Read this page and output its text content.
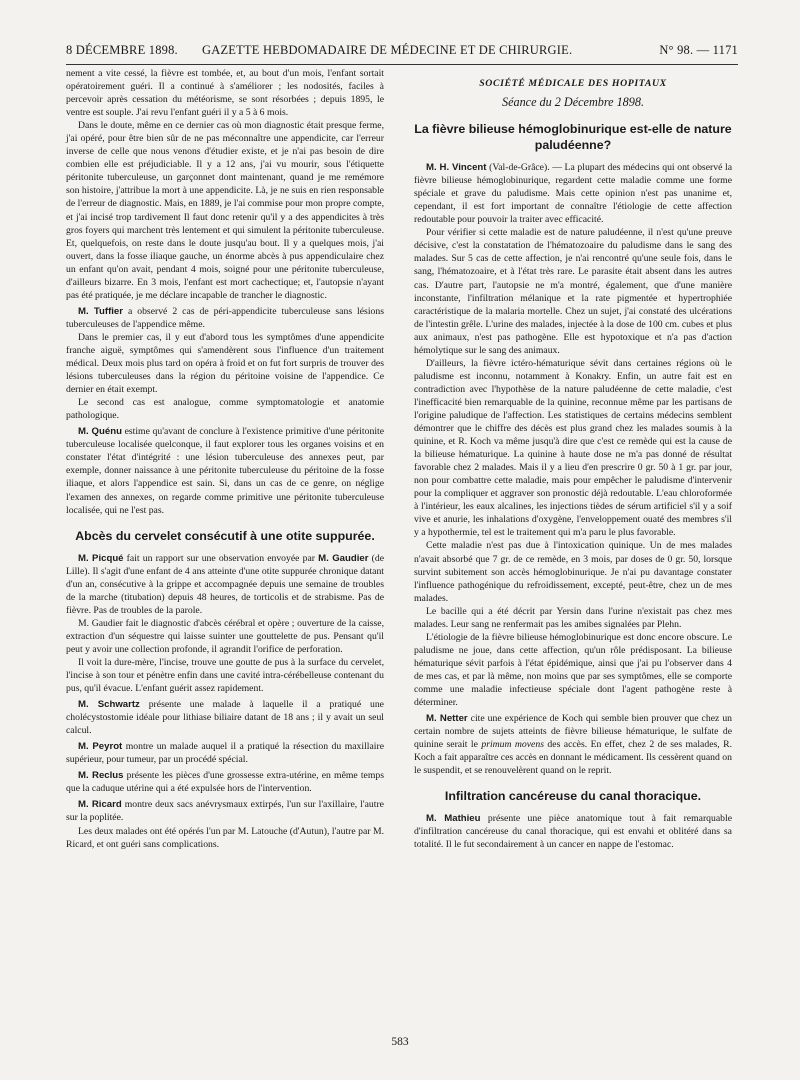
8 DÉCEMBRE 1898. GAZETTE HEBDOMADAIRE DE MÉDECINE ET DE CHIRURGIE.	N° 98. — 1171

nement a vite cessé, la fièvre est tombée, et, au bout d'un mois, l'enfant sortait opératoirement guéri. Il a continué à s'améliorer ; les nodosités, faciles à percevoir après cessation du météorisme, se sont résorbées ; depuis 1895, le ventre est souple. J'ai revu l'enfant guéri il y a 5 à 6 mois.

Dans le doute, même en ce dernier cas où mon diagnostic était presque ferme, j'ai opéré, pour être bien sûr de ne pas méconnaître une appendicite, car l'erreur inverse de celle que nous venons d'étudier existe, et je n'ai pas besoin de dire combien elle est préjudiciable. Il y a 12 ans, j'ai vu mourir, sous l'étiquette péritonite tuberculeuse, un garçonnet dont maintenant, quand je me remémore son histoire, j'attribue la mort à une appendicite. Là, je ne suis en rien responsable de l'erreur de diagnostic. Mais, en 1889, je l'ai commise pour mon propre compte, et j'ai incisé trop tardivement Il faut donc retenir qu'il y a des appendicites à très gros foyers qui marchent très lentement et qui simulent la péritonite tuberculeuse. Et, quelquefois, on reste dans le doute jusqu'au bout. Il y a quelques mois, j'ai ouvert, dans la fosse iliaque gauche, un énorme abcès à pus appendiculaire chez un enfant qu'on avait, pendant 4 mois, soigné pour une péritonite tuberculeuse, d'ailleurs bizarre. En 3 mois, l'enfant est mort cachectique; et, l'autopsie n'ayant pas été pratiquée, je me déclare incapable de trancher le diagnostic.

M. Tuffier a observé 2 cas de péri-appendicite tuberculeuse sans lésions tuberculeuses de l'appendice même.

Dans le premier cas, il y eut d'abord tous les symptômes d'une appendicite franche aiguë, symptômes qui s'amendèrent sous l'influence d'un traitement médical. Deux mois plus tard on opéra à froid et on fut fort surpris de trouver des lésions tuberculeuses dans la région du péritoine voisine de l'appendice. Ce dernier en était exempt.

Le second cas est analogue, comme symptomatologie et anatomie pathologique.

M. Quénu estime qu'avant de conclure à l'existence primitive d'une péritonite tuberculeuse localisée quelconque, il faut explorer tous les organes voisins et en constater l'état d'intégrité : une lésion tuberculeuse des annexes peut, par exemple, donner naissance à une péritonite tuberculeuse du péritoine de la fosse iliaque, et alors l'appendice est sain. Si, dans un cas de ce genre, on néglige l'examen des annexes, on regarde comme primitive une péritonite tuberculeuse localisée, qui ne l'est pas.

Abcès du cervelet consécutif à une otite suppurée.

M. Picqué fait un rapport sur une observation envoyée par M. Gaudier (de Lille). Il s'agit d'une enfant de 4 ans atteinte d'une otite suppurée chronique datant d'un an, consécutive à la grippe et accompagnée depuis une semaine de troubles de la marche (titubation) depuis 48 heures, de torticolis et de strabisme. Pas de fièvre. Pas de troubles de la parole.

M. Gaudier fait le diagnostic d'abcès cérébral et opère ; ouverture de la caisse, extraction d'un séquestre qui laisse suinter une gouttelette de pus. Pensant qu'il peut y avoir une collection profonde, il agrandit l'orifice de perforation.

Il voit la dure-mère, l'incise, trouve une goutte de pus à la surface du cervelet, l'incise à son tour et pénètre enfin dans une cavité intra-cérébelleuse contenant du pus, qu'il évacue. L'enfant guérit assez rapidement.

M. Schwartz présente une malade à laquelle il a pratiqué une cholécystostomie idéale pour lithiase biliaire datant de 18 ans ; il y avait un seul calcul.

M. Peyrot montre un malade auquel il a pratiqué la résection du maxillaire supérieur, pour tumeur, par un procédé spécial.

M. Reclus présente les pièces d'une grossesse extra-utérine, en même temps que la caduque utérine qui a été expulsée hors de l'intervention.

M. Ricard montre deux sacs anévrysmaux extirpés, l'un sur l'axillaire, l'autre sur la poplitée.

Les deux malades ont été opérés l'un par M. Latouche (d'Autun), l'autre par M. Ricard, et ont guéri sans complications.

SOCIÉTÉ MÉDICALE DES HOPITAUX
Séance du 2 Décembre 1898.
La fièvre bilieuse hémoglobinurique est-elle de nature paludéenne?

M. H. Vincent (Val-de-Grâce). — La plupart des médecins qui ont observé la fièvre bilieuse hémoglobinurique, regardent cette maladie comme une forme spéciale et grave du paludisme. Mais cette opinion n'est pas unanime et, cependant, il est fort important de connaître l'étiologie de cette affection redoutable pour pouvoir la traiter avec efficacité.

Pour vérifier si cette maladie est de nature paludéenne, il n'est qu'une preuve décisive, c'est la constatation de l'hématozoaire du paludisme dans le sang des malades. Sur 5 cas de cette affection, je n'ai rencontré qu'une seule fois, dans le sang, l'hématozoaire, et à l'état très rare. Le parasite était absent dans les autres cas. D'autre part, l'autopsie ne m'a montré, également, que d'une manière inconstante, l'infiltration mélanique et la rate pigmentée et hypertrophiée caractéristique de la malaria mortelle. Chez un sujet, j'ai constaté des ulcérations de l'intestin grêle. L'urine des malades, injectée à la dose de 100 cm. cubes et plus aux animaux, n'est pas pathogène. Elle est hypotoxique et n'a pas d'action hémolytique sur le sang des animaux.

D'ailleurs, la fièvre ictéro-hématurique sévit dans certaines régions où le paludisme est inconnu, notamment à Konakry. Enfin, un autre fait est en contradiction avec l'hypothèse de la nature paludéenne de cette maladie, c'est l'inefficacité bien remarquable de la quinine, reconnue même par les partisans de l'origine paludique de l'affection. Les statistiques de certains médecins semblent démontrer que le chiffre des décès est plus grand chez les malades soumis à la quinine, et R. Koch va même jusqu'à dire que c'est ce remède qui est la cause de la bilieuse hématurique. La quinine à haute dose ne m'a pas donné de résultat favorable chez 2 malades. Mais il y a lieu d'en prescrire 0 gr. 50 à 1 gr. par jour, non pour combattre cette maladie, mais pour empêcher le paludisme d'intervenir pour la compliquer et aggraver son pronostic déjà redoutable. L'eau chloroformée à l'intérieur, les eaux alcalines, les injections tièdes de sérum artificiel s'il y a soif vive et anurie, les inhalations d'oxygène, l'enveloppement ouaté des membres s'il y a hypothermie, tel est le traitement qui m'a paru le plus favorable.

Cette maladie n'est pas due à l'intoxication quinique. Un de mes malades n'avait absorbé que 7 gr. de ce remède, en 3 mois, par doses de 0 gr. 50, lorsque survint subitement son accès hémoglobinurique. Je n'ai pu davantage constater l'influence pathogénique du refroidissement, excepté, peut-être, chez un de mes malades.

Le bacille qui a été décrit par Yersin dans l'urine n'existait pas chez mes malades. Leur sang ne renfermait pas les amibes signalées par Plehn.

L'étiologie de la fièvre bilieuse hémoglobinurique est donc encore obscure. Le paludisme ne joue, dans cette affection, qu'un rôle prédisposant. La bilieuse hématurique sévit parfois à l'état épidémique, ainsi que j'ai pu l'observer dans 4 de mes cas, et par là même, non moins que par ses symptômes, elle se comporte comme une maladie infectieuse spéciale dont l'agent pathogène reste à déterminer.

M. Netter cite une expérience de Koch qui semble bien prouver que chez un certain nombre de sujets atteints de fièvre bilieuse hématurique, le sulfate de quinine serait le primum movens des accès. En effet, chez 2 de ses malades, R. Koch a fait apparaître ces accès en donnant le médicament. Ils cessèrent quand on le suspendit, et se renouvelèrent quand on le reprit.

Infiltration cancéreuse du canal thoracique.

M. Mathieu présente une pièce anatomique tout à fait remarquable d'infiltration cancéreuse du canal thoracique, qui est envahi et oblitéré dans sa totalité. Il le fut secondairement à un cancer en nappe de l'estomac.

583
